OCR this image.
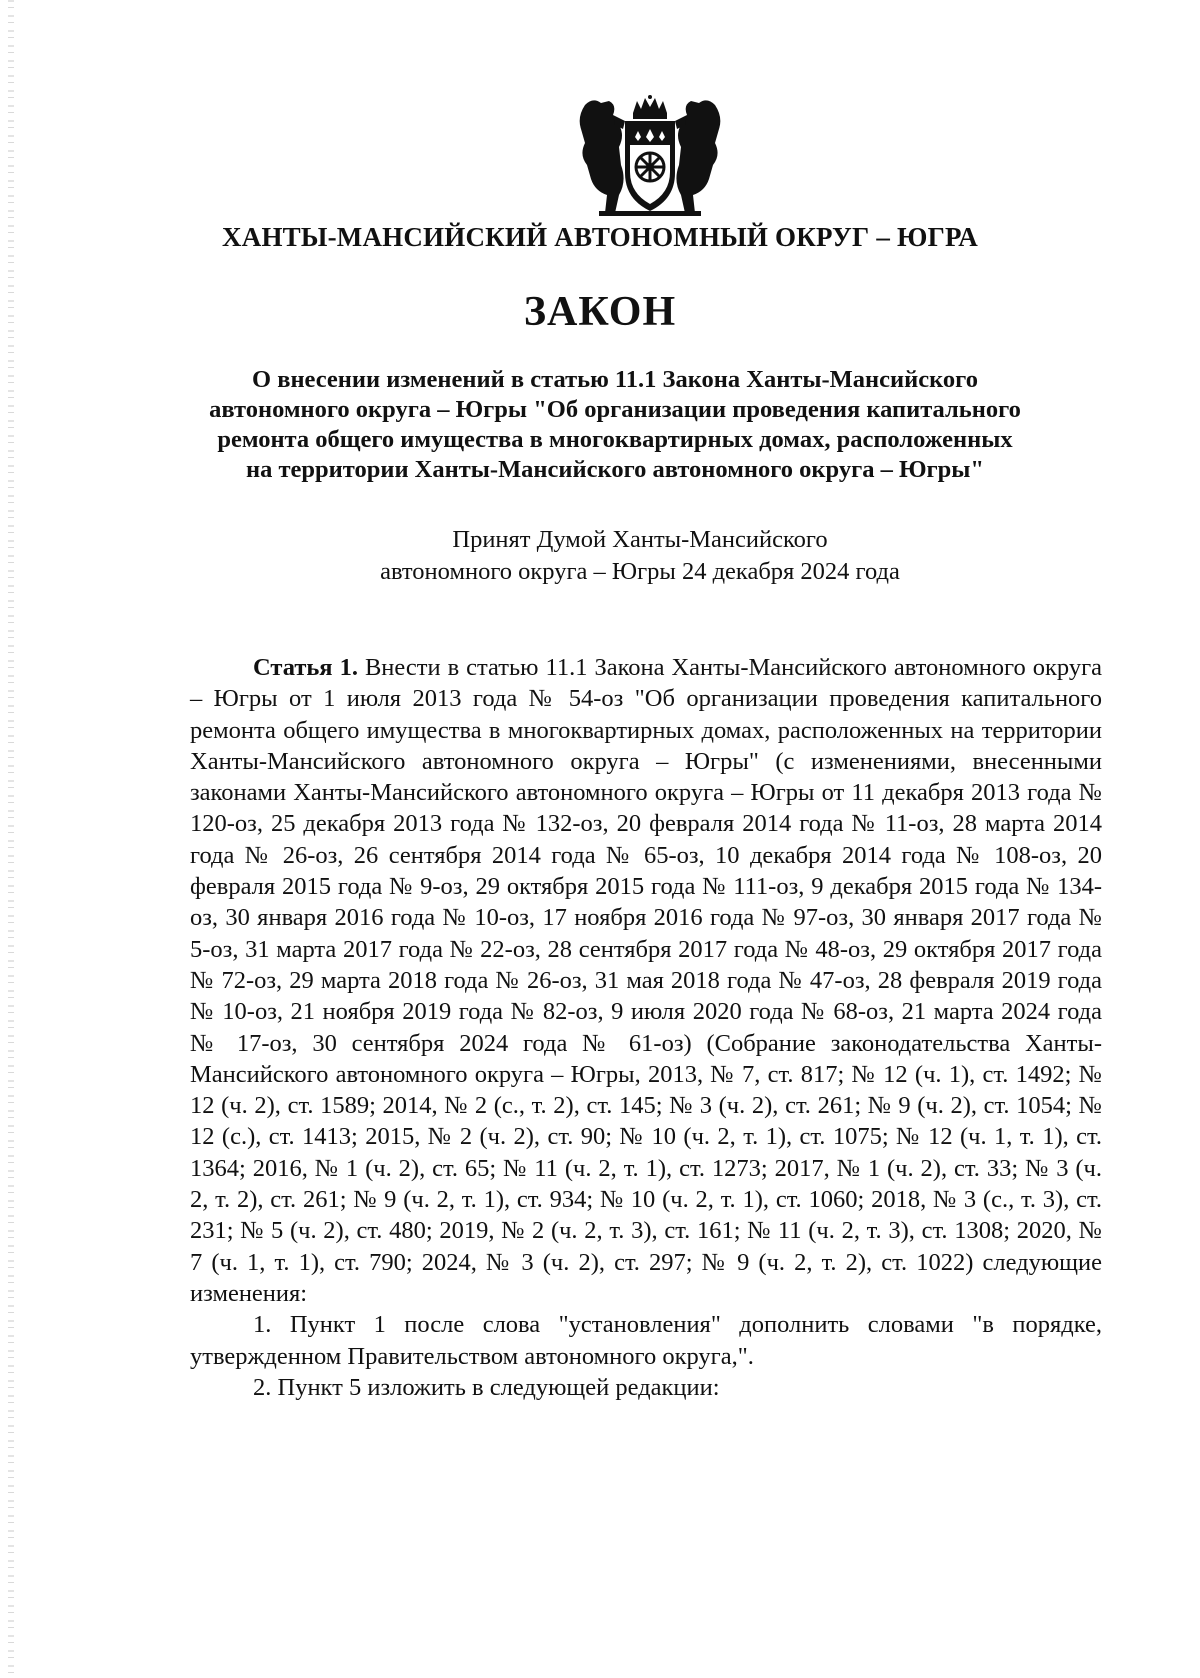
ХАНТЫ-МАНСИЙСКИЙ АВТОНОМНЫЙ ОКРУГ – ЮГРА
ЗАКОН
О внесении изменений в статью 11.1 Закона Ханты-Мансийского
автономного округа – Югры "Об организации проведения капитального
ремонта общего имущества в многоквартирных домах, расположенных
на территории Ханты-Мансийского автономного округа – Югры"
Принят Думой Ханты-Мансийского
автономного округа – Югры 24 декабря 2024 года

Статья 1. Внести в статью 11.1 Закона Ханты-Мансийского автономного округа – Югры от 1 июля 2013 года № 54-оз "Об организации проведения капитального ремонта общего имущества в многоквартирных домах, расположенных на территории Ханты-Мансийского автономного округа – Югры" (с изменениями, внесенными законами Ханты-Мансийского автономного округа – Югры от 11 декабря 2013 года № 120-оз, 25 декабря 2013 года № 132-оз, 20 февраля 2014 года № 11-оз, 28 марта 2014 года № 26-оз, 26 сентября 2014 года № 65-оз, 10 декабря 2014 года № 108-оз, 20 февраля 2015 года № 9-оз, 29 октября 2015 года № 111-оз, 9 декабря 2015 года № 134-оз, 30 января 2016 года № 10-оз, 17 ноября 2016 года № 97-оз, 30 января 2017 года № 5-оз, 31 марта 2017 года № 22-оз, 28 сентября 2017 года № 48-оз, 29 октября 2017 года № 72-оз, 29 марта 2018 года № 26-оз, 31 мая 2018 года № 47-оз, 28 февраля 2019 года № 10-оз, 21 ноября 2019 года № 82-оз, 9 июля 2020 года № 68-оз, 21 марта 2024 года № 17-оз, 30 сентября 2024 года № 61-оз) (Собрание законодательства Ханты-Мансийского автономного округа – Югры, 2013, № 7, ст. 817; № 12 (ч. 1), ст. 1492; № 12 (ч. 2), ст. 1589; 2014, № 2 (с., т. 2), ст. 145; № 3 (ч. 2), ст. 261; № 9 (ч. 2), ст. 1054; № 12 (с.), ст. 1413; 2015, № 2 (ч. 2), ст. 90; № 10 (ч. 2, т. 1), ст. 1075; № 12 (ч. 1, т. 1), ст. 1364; 2016, № 1 (ч. 2), ст. 65; № 11 (ч. 2, т. 1), ст. 1273; 2017, № 1 (ч. 2), ст. 33; № 3 (ч. 2, т. 2), ст. 261; № 9 (ч. 2, т. 1), ст. 934; № 10 (ч. 2, т. 1), ст. 1060; 2018, № 3 (с., т. 3), ст. 231; № 5 (ч. 2), ст. 480; 2019, № 2 (ч. 2, т. 3), ст. 161; № 11 (ч. 2, т. 3), ст. 1308; 2020, № 7 (ч. 1, т. 1), ст. 790; 2024, № 3 (ч. 2), ст. 297; № 9 (ч. 2, т. 2), ст. 1022) следующие изменения:

1. Пункт 1 после слова "установления" дополнить словами "в порядке, утвержденном Правительством автономного округа,".

2. Пункт 5 изложить в следующей редакции:
